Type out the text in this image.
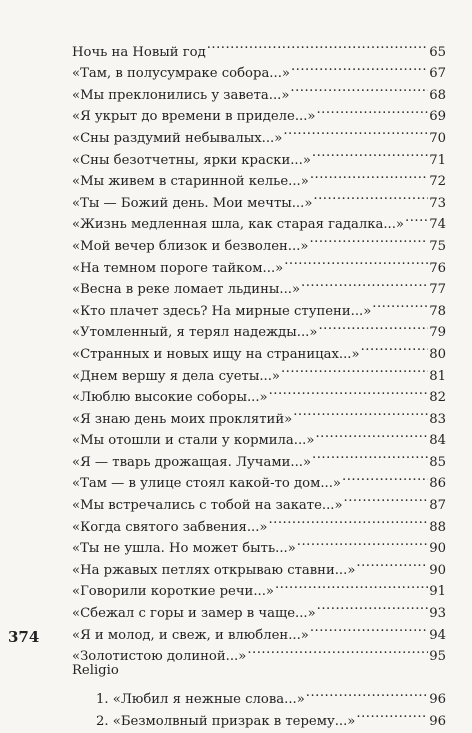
Ночь на Новый год .....	65
«Там, в полусумраке собора...» .....	67
«Мы преклонились у завета...» .....	68
«Я укрыт до времени в приделе...» .....	69
«Сны раздумий небывалых...» .....	70
«Сны безотчетны, ярки краски...» .....	71
«Мы живем в старинной келье...» .....	72
«Ты — Божий день. Мои мечты...» .....	73
«Жизнь медленная шла, как старая гадалка...» ..... 74
«Мой вечер близок и безволен...» .....	75
«На темном пороге тайком...» .....	76
«Весна в реке ломает льдины...» .....	77
«Кто плачет здесь? На мирные ступени...» .....	78
«Утомленный, я терял надежды...» .....	79
«Странных и новых ищу на страницах...» .....	80
«Днем вершу я дела суеты...» .....	81
«Люблю высокие соборы...» .....	82
«Я знаю день моих проклятий» .....	83
«Мы отошли и стали у кормила...» .....	84
«Я — тварь дрожащая. Лучами...» .....	85
«Там — в улице стоял какой-то дом...» .....	86
«Мы встречались с тобой на закате...» .....	87
«Когда святого забвения...» .....	88
«Ты не ушла. Но может быть...» .....	90
«На ржавых петлях открываю ставни...» .....	90
«Говорили короткие речи...» .....	91
«Сбежал с горы и замер в чаще...» .....	93
«Я и молод, и свеж, и влюблен...» .....	94
«Золотистою долиной...» .....	95
Religio
1. «Любил я нежные слова...» .....	96
2. «Безмолвный призрак в терему...» .....	96
374
